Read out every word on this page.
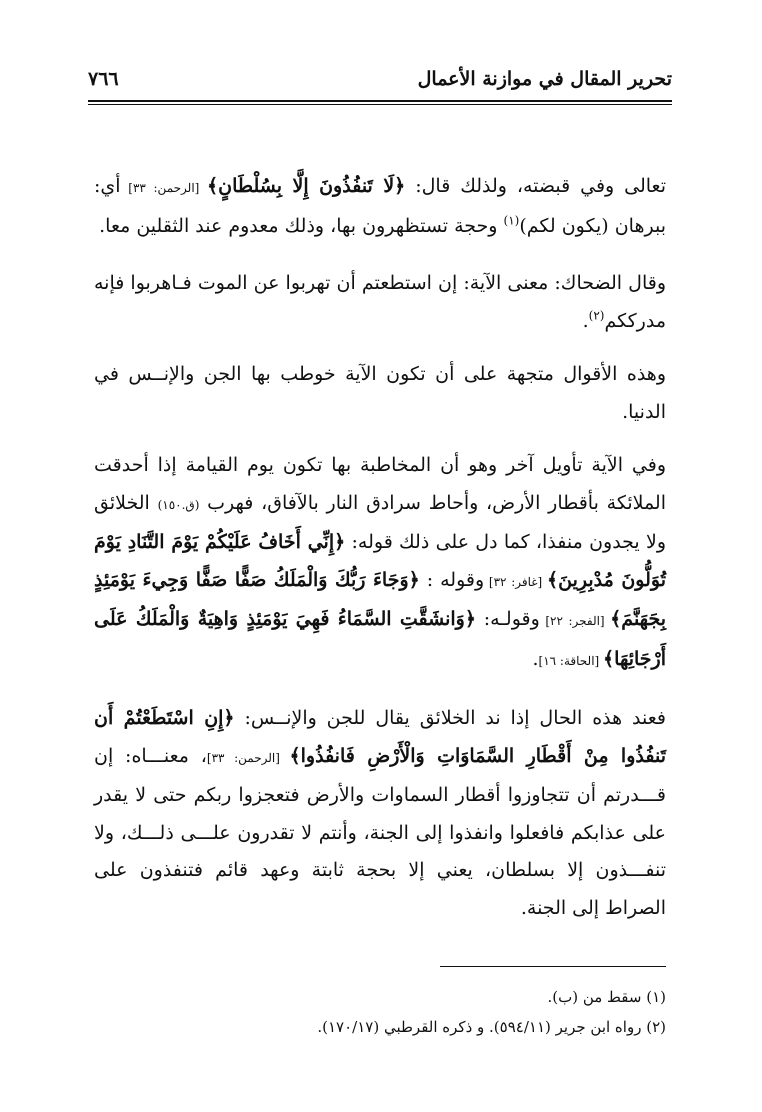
تحرير المقال في موازنة الأعمال
٧٦٦

تعالى وفي قبضته، ولذلك قال: ﴿لَا تَنفُذُونَ إِلَّا بِسُلْطَانٍ﴾ [الرحمن: ٣٣] أي: ببرهان (يكون لكم)$^{(١)}$ وحجة تستظهرون بها، وذلك معدوم عند الثقلين معا.

وقال الضحاك: معنى الآية: إن استطعتم أن تهربوا عن الموت فـاهربوا فإنه مدرككم$^{(٢)}$.

وهذه الأقوال متجهة على أن تكون الآية خوطب بها الجن والإنــس في الدنيا.

وفي الآية تأويل آخر وهو أن المخاطبة بها تكون يوم القيامة إذا أحدقت الملائكة بأقطار الأرض، وأحاط سرادق النار بالآفاق، فهرب (ق.١٥٠) الخلائق ولا يجدون منفذا، كما دل على ذلك قوله: ﴿إِنِّي أَخَافُ عَلَيْكُمْ يَوْمَ التَّنَادِ يَوْمَ تُوَلُّونَ مُدْبِرِينَ﴾ [غافر: ٣٢] وقوله : ﴿وَجَاءَ رَبُّكَ وَالْمَلَكُ صَفًّا صَفًّا وَجِيءَ يَوْمَئِذٍ بِجَهَنَّمَ﴾ [الفجر: ٢٢] وقولـه: ﴿وَانشَقَّتِ السَّمَاءُ فَهِيَ يَوْمَئِذٍ وَاهِيَةٌ وَالْمَلَكُ عَلَى أَرْجَائِهَا﴾ [الحاقة: ١٦].

فعند هذه الحال إذا ند الخلائق يقال للجن والإنــس: ﴿إِنِ اسْتَطَعْتُمْ أَن تَنفُذُوا مِنْ أَقْطَارِ السَّمَاوَاتِ وَالْأَرْضِ فَانفُذُوا﴾ [الرحمن: ٣٣]، معنـــاه: إن قـــدرتم أن تتجاوزوا أقطار السماوات والأرض فتعجزوا ربكم حتى لا يقدر على عذابكم فافعلوا وانفذوا إلى الجنة، وأنتم لا تقدرون علـــى ذلـــك، ولا تنفـــذون إلا بسلطان، يعني إلا بحجة ثابتة وعهد قائم فتنفذون على الصراط إلى الجنة.

(١) سقط من (ب).
(٢) رواه ابن جرير (٥٩٤/١١). و ذكره القرطبي (١٧٠/١٧).
